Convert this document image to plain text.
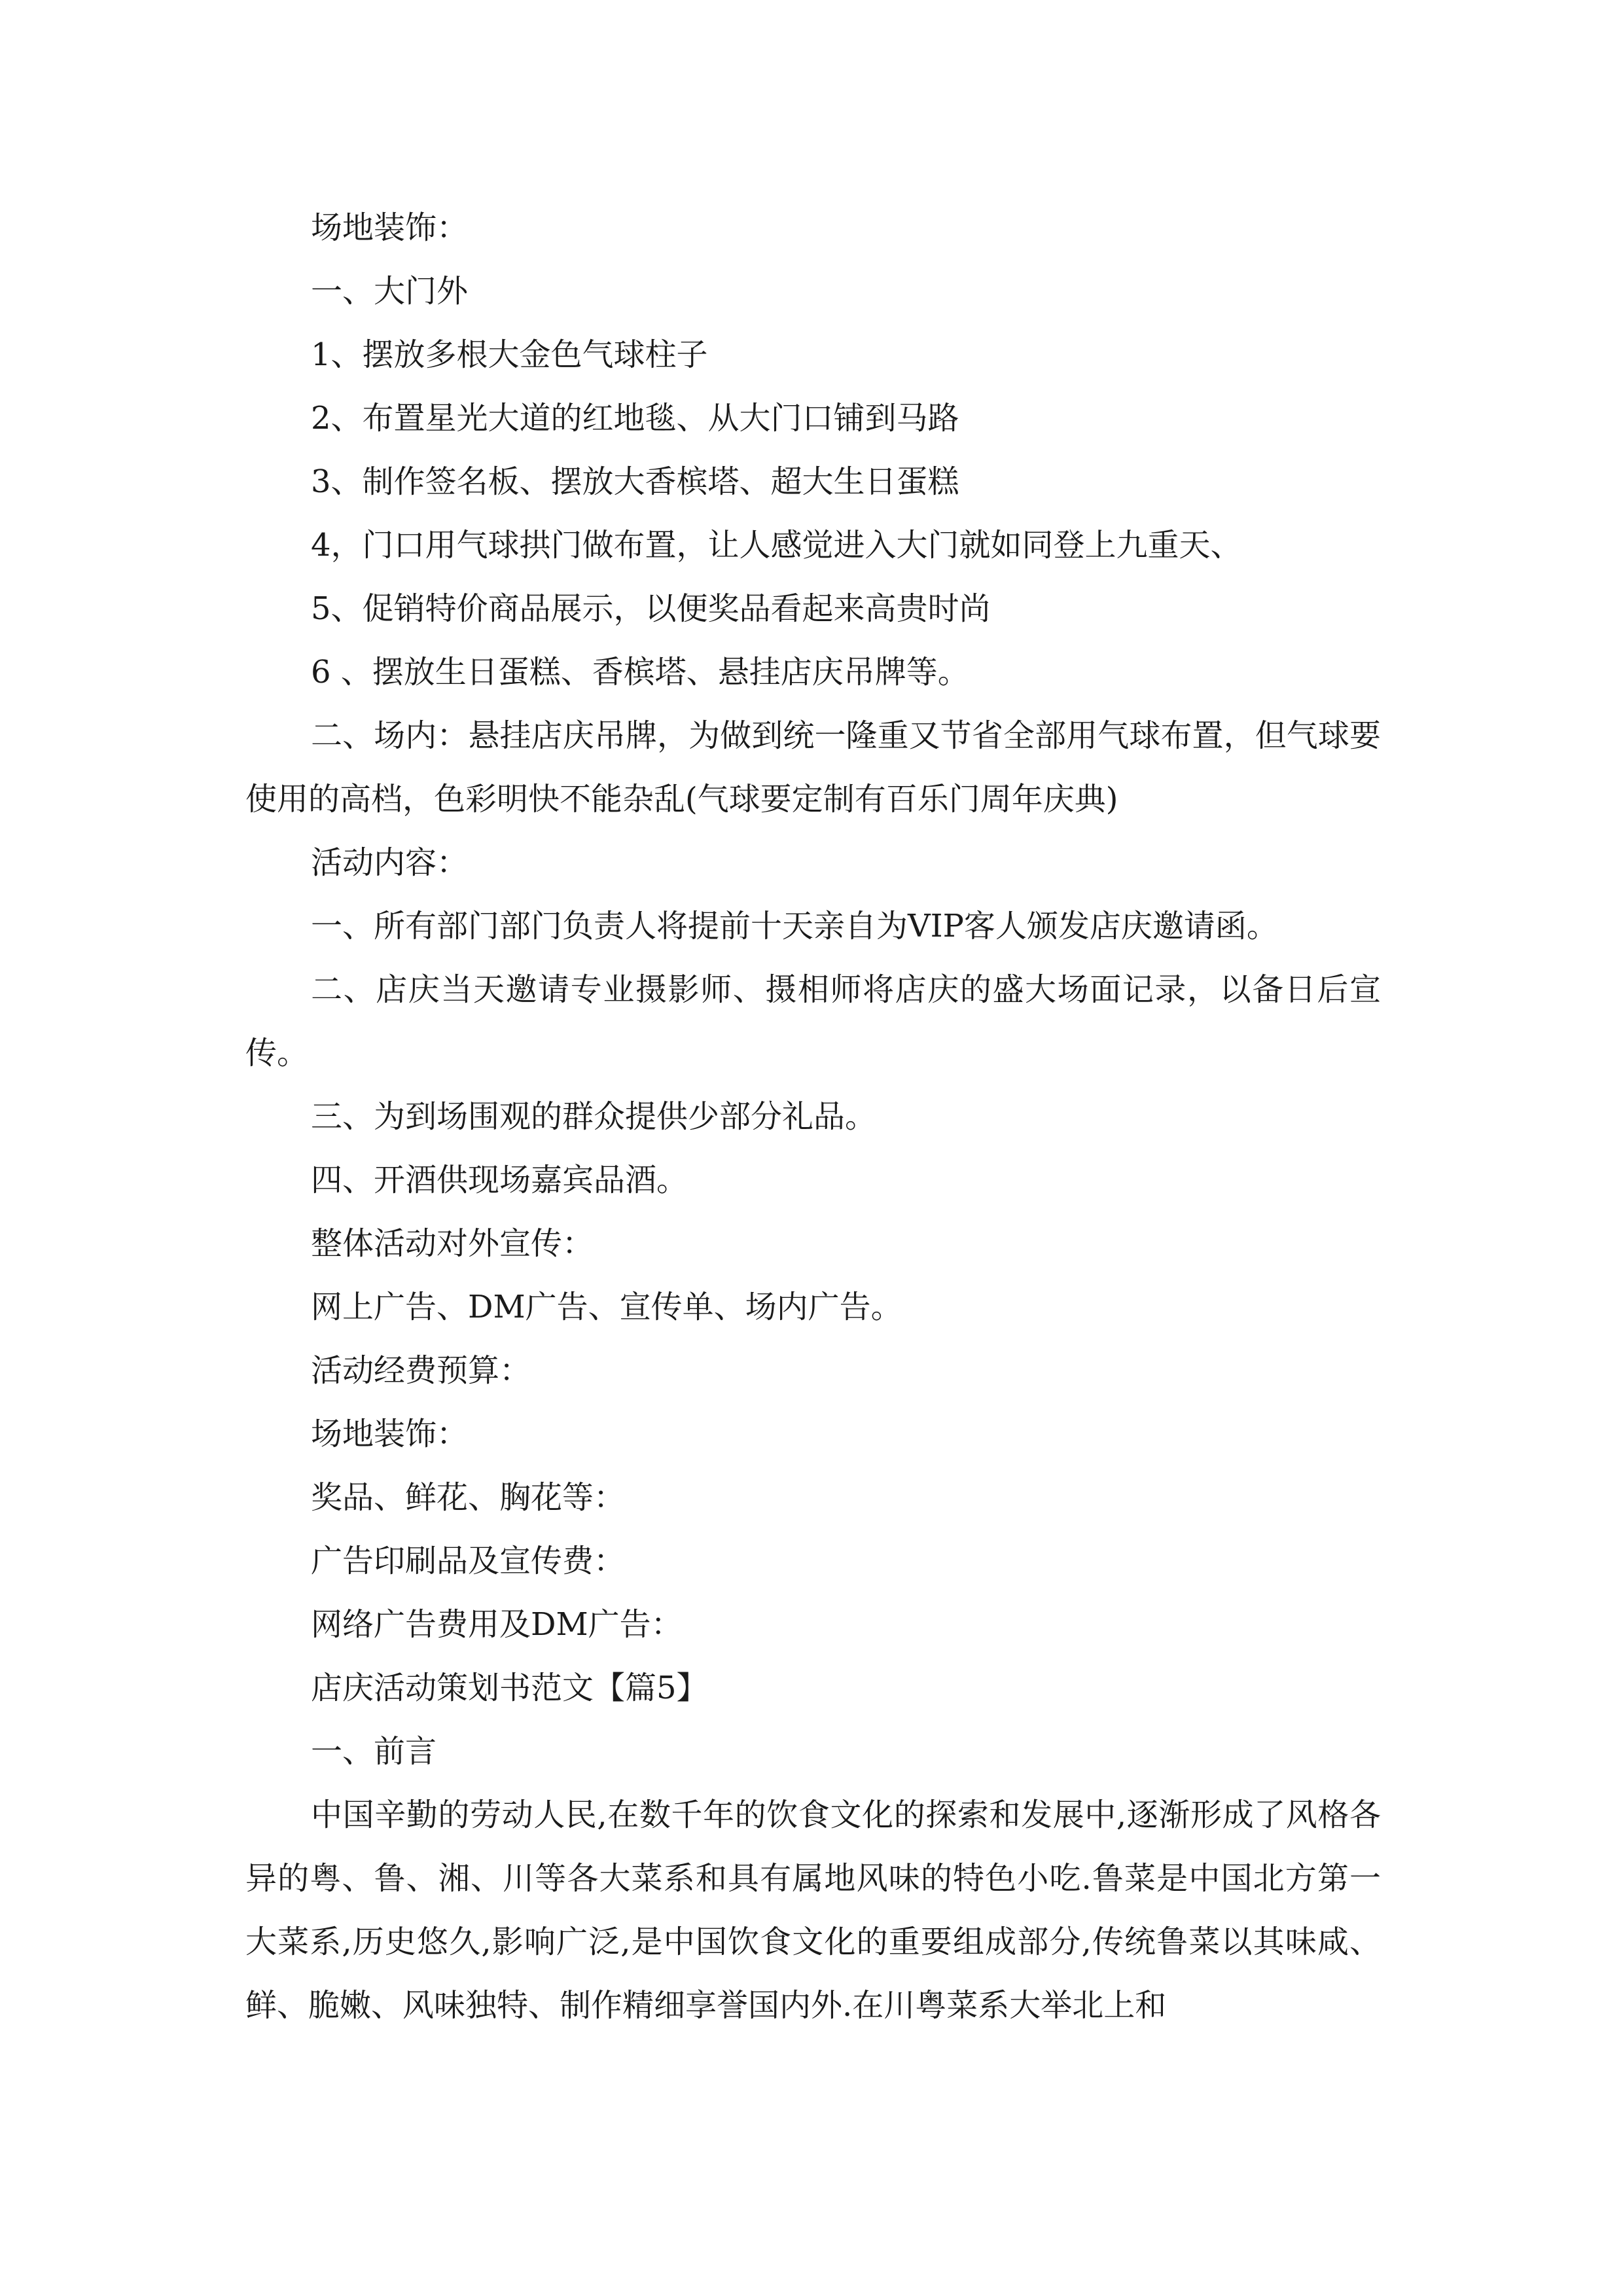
场地装饰：

一、大门外

1、摆放多根大金色气球柱子

2、布置星光大道的红地毯、从大门口铺到马路

3、制作签名板、摆放大香槟塔、超大生日蛋糕

4，门口用气球拱门做布置，让人感觉进入大门就如同登上九重天、

5、促销特价商品展示，以便奖品看起来高贵时尚

6 、摆放生日蛋糕、香槟塔、悬挂店庆吊牌等。

二、场内：悬挂店庆吊牌，为做到统一隆重又节省全部用气球布置，但气球要使用的高档，色彩明快不能杂乱(气球要定制有百乐门周年庆典)

活动内容：

一、所有部门部门负责人将提前十天亲自为VIP客人颁发店庆邀请函。

二、店庆当天邀请专业摄影师、摄相师将店庆的盛大场面记录，以备日后宣传。

三、为到场围观的群众提供少部分礼品。

四、开酒供现场嘉宾品酒。

整体活动对外宣传：

网上广告、DM广告、宣传单、场内广告。

活动经费预算：

场地装饰：

奖品、鲜花、胸花等：

广告印刷品及宣传费：

网络广告费用及DM广告：

店庆活动策划书范文【篇5】

一、前言

中国辛勤的劳动人民,在数千年的饮食文化的探索和发展中,逐渐形成了风格各异的粤、鲁、湘、川等各大菜系和具有属地风味的特色小吃.鲁菜是中国北方第一大菜系,历史悠久,影响广泛,是中国饮食文化的重要组成部分,传统鲁菜以其味咸、鲜、脆嫩、风味独特、制作精细享誉国内外.在川粤菜系大举北上和
